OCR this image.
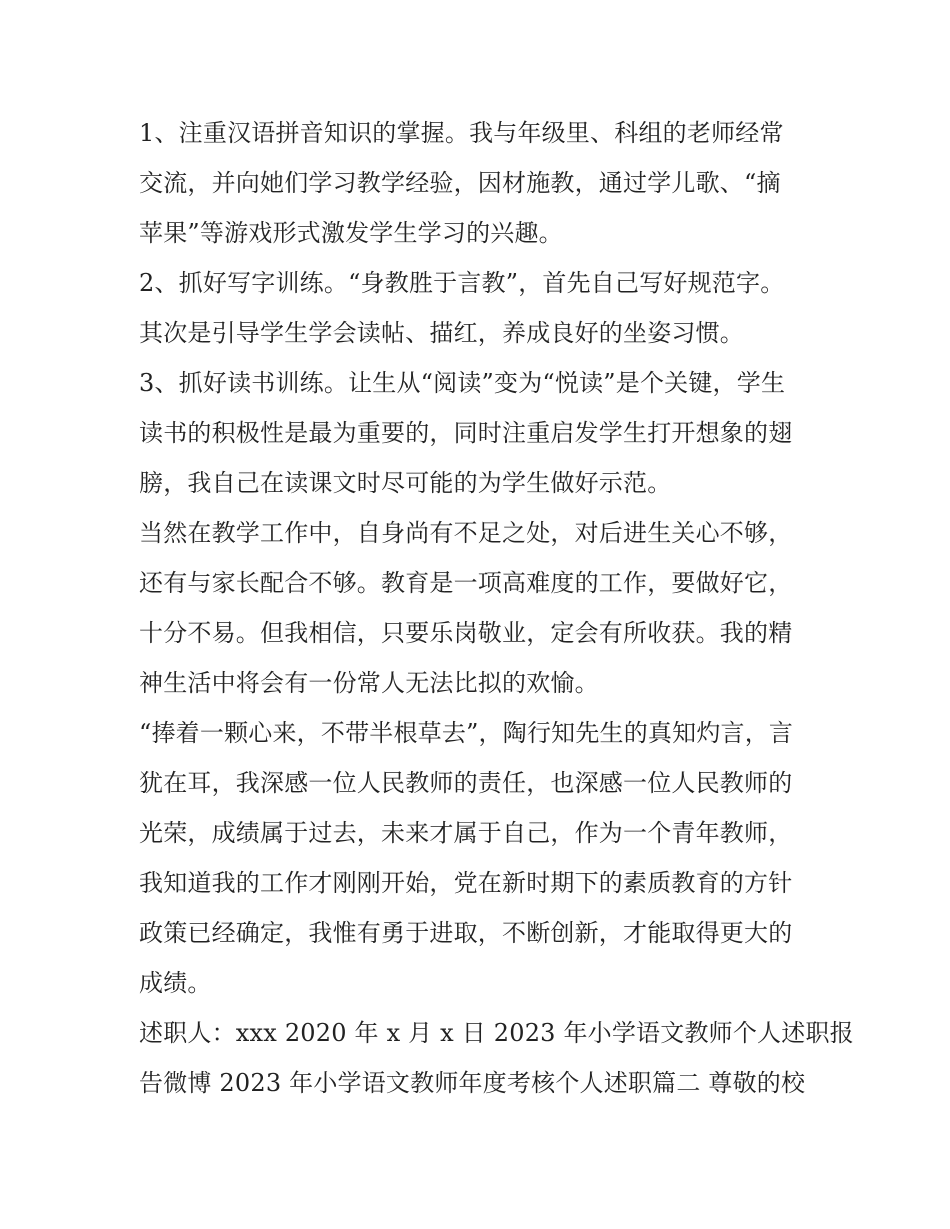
1、注重汉语拼音知识的掌握。我与年级里、科组的老师经常
交流，并向她们学习教学经验，因材施教，通过学儿歌、“摘
苹果”等游戏形式激发学生学习的兴趣。
2、抓好写字训练。“身教胜于言教”，首先自己写好规范字。
其次是引导学生学会读帖、描红，养成良好的坐姿习惯。
3、抓好读书训练。让生从“阅读”变为“悦读”是个关键，学生
读书的积极性是最为重要的，同时注重启发学生打开想象的翅
膀，我自己在读课文时尽可能的为学生做好示范。
当然在教学工作中，自身尚有不足之处，对后进生关心不够，
还有与家长配合不够。教育是一项高难度的工作，要做好它，
十分不易。但我相信，只要乐岗敬业，定会有所收获。我的精
神生活中将会有一份常人无法比拟的欢愉。
“捧着一颗心来，不带半根草去”，陶行知先生的真知灼言，言
犹在耳，我深感一位人民教师的责任，也深感一位人民教师的
光荣，成绩属于过去，未来才属于自己，作为一个青年教师，
我知道我的工作才刚刚开始，党在新时期下的素质教育的方针
政策已经确定，我惟有勇于进取，不断创新，才能取得更大的
成绩。
述职人：xxx 2020 年 x 月 x 日 2023 年小学语文教师个人述职报
告微博 2023 年小学语文教师年度考核个人述职篇二 尊敬的校
